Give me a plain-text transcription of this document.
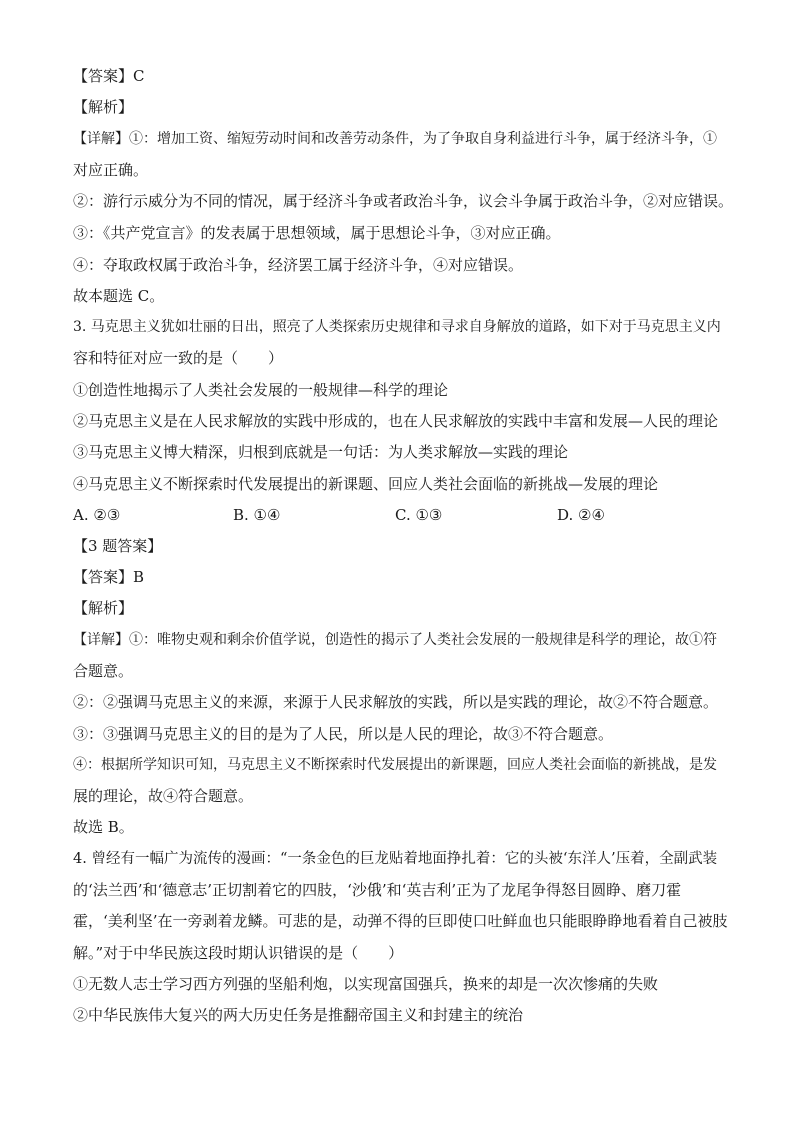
【答案】C
【解析】
【详解】①：增加工资、缩短劳动时间和改善劳动条件，为了争取自身利益进行斗争，属于经济斗争，①
对应正确。
②：游行示威分为不同的情况，属于经济斗争或者政治斗争，议会斗争属于政治斗争，②对应错误。
③：《共产党宣言》的发表属于思想领域，属于思想论斗争，③对应正确。
④：夺取政权属于政治斗争，经济罢工属于经济斗争，④对应错误。
故本题选 C。
3. 马克思主义犹如壮丽的日出，照亮了人类探索历史规律和寻求自身解放的道路，如下对于马克思主义内
容和特征对应一致的是（　　）
①创造性地揭示了人类社会发展的一般规律—科学的理论
②马克思主义是在人民求解放的实践中形成的，也在人民求解放的实践中丰富和发展—人民的理论
③马克思主义博大精深，归根到底就是一句话：为人类求解放—实践的理论
④马克思主义不断探索时代发展提出的新课题、回应人类社会面临的新挑战—发展的理论
A. ②③	B. ①④	C. ①③	D. ②④
【3 题答案】
【答案】B
【解析】
【详解】①：唯物史观和剩余价值学说，创造性的揭示了人类社会发展的一般规律是科学的理论，故①符
合题意。
②：②强调马克思主义的来源，来源于人民求解放的实践，所以是实践的理论，故②不符合题意。
③：③强调马克思主义的目的是为了人民，所以是人民的理论，故③不符合题意。
④：根据所学知识可知，马克思主义不断探索时代发展提出的新课题，回应人类社会面临的新挑战，是发
展的理论，故④符合题意。
故选 B。
4. 曾经有一幅广为流传的漫画：“一条金色的巨龙贴着地面挣扎着：它的头被‘东洋人’压着，全副武装
的‘法兰西’和‘德意志’正切割着它的四肢，‘沙俄’和‘英吉利’正为了龙尾争得怒目圆睁、磨刀霍
霍，‘美利坚’在一旁剥着龙鳞。可悲的是，动弹不得的巨即使口吐鲜血也只能眼睁睁地看着自己被肢
解。”对于中华民族这段时期认识错误的是（　　）
①无数人志士学习西方列强的坚船利炮，以实现富国强兵，换来的却是一次次惨痛的失败
②中华民族伟大复兴的两大历史任务是推翻帝国主义和封建主的统治
